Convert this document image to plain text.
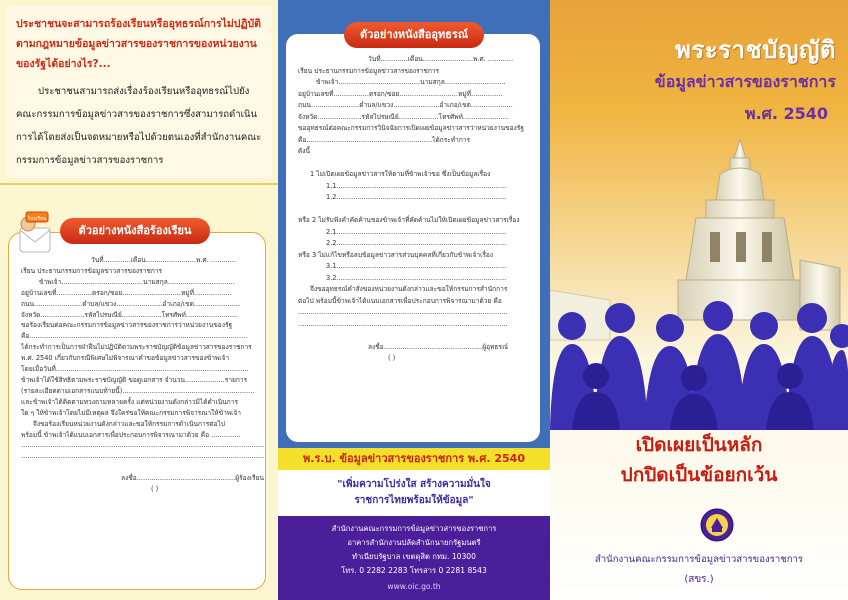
ประชาชนจะสามารถร้องเรียนหรืออุทธรณ์การไม่ปฏิบัติตามกฎหมายข้อมูลข่าวสารของราชการของหน่วยงานของรัฐได้อย่างไร?...

ประชาชนสามารถส่งเรื่องร้องเรียนหรืออุทธรณ์ไปยังคณะกรรมการข้อมูลข่าวสารของราชการซึ่งสามารถดำเนินการได้โดยส่งเป็นจดหมายหรือไปด้วยตนเองที่สำนักงานคณะกรรมการข้อมูลข่าวสารของราชการ

วันที่.............เดือน........................พ.ศ. ............
เรียน ประธานกรรมการข้อมูลข่าวสารของราชการ
ข้าพเจ้า.......................................นามสกุล................................
อยู่บ้านเลขที่.................ตรอก/ซอย............................หมู่ที่..................
ถนน.......................ตำบล/แขวง......................อำเภอ/เขต......................
จังหวัด.....................รหัสไปรษณีย์...................โทรศัพท์.........................
ขอร้องเรียนต่อคณะกรรมการข้อมูลข่าวสารของราชการว่าหน่วยงานของรัฐ
คือ........................................................................................................
ได้กระทำการเป็นการฝ่าฝืนไม่ปฏิบัติตามพระราชบัญญัติข้อมูลข่าวสารของราชการ
พ.ศ. 2540 เกี่ยวกับกรณีพิเศษไม่พิจารณาคำขอข้อมูลข่าวสารของข้าพเจ้า
โดยเมื่อวันที่............................................................................................
ข้าพเจ้าได้ใช้สิทธิตามพระราชบัญญัติ ขอดูเอกสาร จำนวน...................รายการ
(รายละเอียดตามเอกสารแนบท้ายนี้)...............................................................
และข้าพเจ้าได้ติดตามทวงถามหลายครั้ง แต่หน่วยงานดังกล่าวมิได้ดำเนินการ
ใด ๆ ให้ข้าพเจ้าโดยไม่มีเหตุผล จึงใคร่ขอให้คณะกรรมการพิจารณาให้ข้าพเจ้า
จึงขอร้องเรียนหน่วยงานดังกล่าวและขอให้กรรมการดำเนินการต่อไป
พร้อมนี้ ข้าพเจ้าได้แนบเอกสารเพื่อประกอบการพิจารณามาด้วย คือ ..............
....................................................................................................................
....................................................................................................................

ลงชื่อ...............................................ผู้ร้องเรียน
( )
ร้องเรียน
ตัวอย่างหนังสือร้องเรียน
วันที่.............เดือน........................พ.ศ. ............
เรียน ประธานกรรมการข้อมูลข่าวสารของราชการ
ข้าพเจ้า.......................................นามสกุล.............................
อยู่บ้านเลขที่.................ตรอก/ซอย............................หมู่ที่...............
ถนน.......................ตำบล/แขวง......................อำเภอ/เขต....................
จังหวัด.....................รหัสไปรษณีย์...................โทรศัพท์......................
ขออุทธรณ์ต่อคณะกรรมการวินิจฉัยการเปิดเผยข้อมูลข่าวสารว่าหน่วยงานของรัฐ
คือ............................................................ได้กระทำการ
ดังนี้

1 ไม่เปิดเผยข้อมูลข่าวสารให้ตามที่ข้าพเจ้าขอ ซึ่งเป็นข้อมูลเรื่อง
1.1.................................................................................
1.2.................................................................................

หรือ 2 ไม่รับฟังคำคัดค้านของข้าพเจ้าที่คัดค้านไม่ให้เปิดเผยข้อมูลข่าวสารเรื่อง
2.1.................................................................................
2.2.................................................................................
หรือ 3 ไม่แก้ไขหรือลบข้อมูลข่าวสารส่วนบุคคลที่เกี่ยวกับข้าพเจ้าเรื่อง
3.1.................................................................................
3.2.................................................................................
จึงขออุทธรณ์คำสั่งของหน่วยงานดังกล่าวและขอให้กรรมการสำนักการ
ต่อไป พร้อมนี้ข้าพเจ้าได้แนบเอกสารเพื่อประกอบการพิจารณามาด้วย คือ
....................................................................................................
....................................................................................................

ลงชื่อ...............................................ผู้อุทธรณ์
( )
ตัวอย่างหนังสืออุทธรณ์
พ.ร.บ. ข้อมูลข่าวสารของราชการ พ.ศ. 2540
"เพิ่มความโปร่งใส สร้างความมั่นใจ
ราชการไทยพร้อมให้ข้อมูล"
สำนักงานคณะกรรมการข้อมูลข่าวสารของราชการ
อาคารสำนักงานปลัดสำนักนายกรัฐมนตรี
ทำเนียบรัฐบาล เขตดุสิต กทม. 10300
โทร. 0 2282 2283 โทรสาร 0 2281 8543
www.oic.go.th
พระราชบัญญัติ
ข้อมูลข่าวสารของราชการ
พ.ศ. 2540
เปิดเผยเป็นหลัก
ปกปิดเป็นข้อยกเว้น
สำนักงานคณะกรรมการข้อมูลข่าวสารของราชการ
(สขร.)
